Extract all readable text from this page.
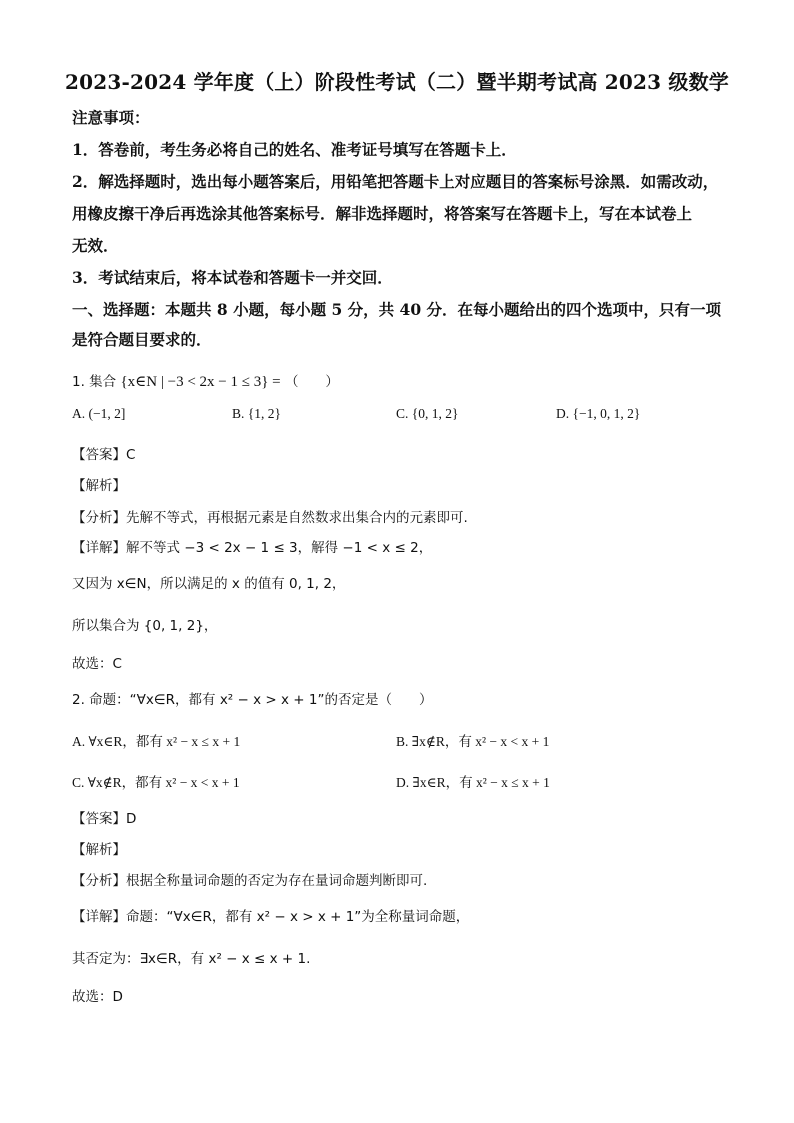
2023-2024 学年度（上）阶段性考试（二）暨半期考试高 2023 级数学
注意事项：
1．答卷前，考生务必将自己的姓名、准考证号填写在答题卡上．
2．解选择题时，选出每小题答案后，用铅笔把答题卡上对应题目的答案标号涂黑．如需改动，
用橡皮擦干净后再选涂其他答案标号．解非选择题时，将答案写在答题卡上，写在本试卷上
无效．
3．考试结束后，将本试卷和答题卡一并交回．
一、选择题：本题共 8 小题，每小题 5 分，共 40 分．在每小题给出的四个选项中，只有一项
是符合题目要求的．
1. 集合 {x∈N | −3 < 2x − 1 ≤ 3} = （　　）
A. (−1, 2]	B. {1, 2}	C. {0, 1, 2}	D. {−1, 0, 1, 2}
【答案】C
【解析】
【分析】先解不等式，再根据元素是自然数求出集合内的元素即可.
【详解】解不等式 −3 < 2x − 1 ≤ 3，解得 −1 < x ≤ 2，
又因为 x∈N，所以满足的 x 的值有 0, 1, 2，
所以集合为 {0, 1, 2}，
故选：C
2. 命题：“∀x∈R，都有 x² − x > x + 1”的否定是（　　）
A. ∀x∈R，都有 x² − x ≤ x + 1	B. ∃x∉R，有 x² − x < x + 1
C. ∀x∉R，都有 x² − x < x + 1	D. ∃x∈R，有 x² − x ≤ x + 1
【答案】D
【解析】
【分析】根据全称量词命题的否定为存在量词命题判断即可.
【详解】命题：“∀x∈R，都有 x² − x > x + 1”为全称量词命题，
其否定为：∃x∈R，有 x² − x ≤ x + 1.
故选：D
